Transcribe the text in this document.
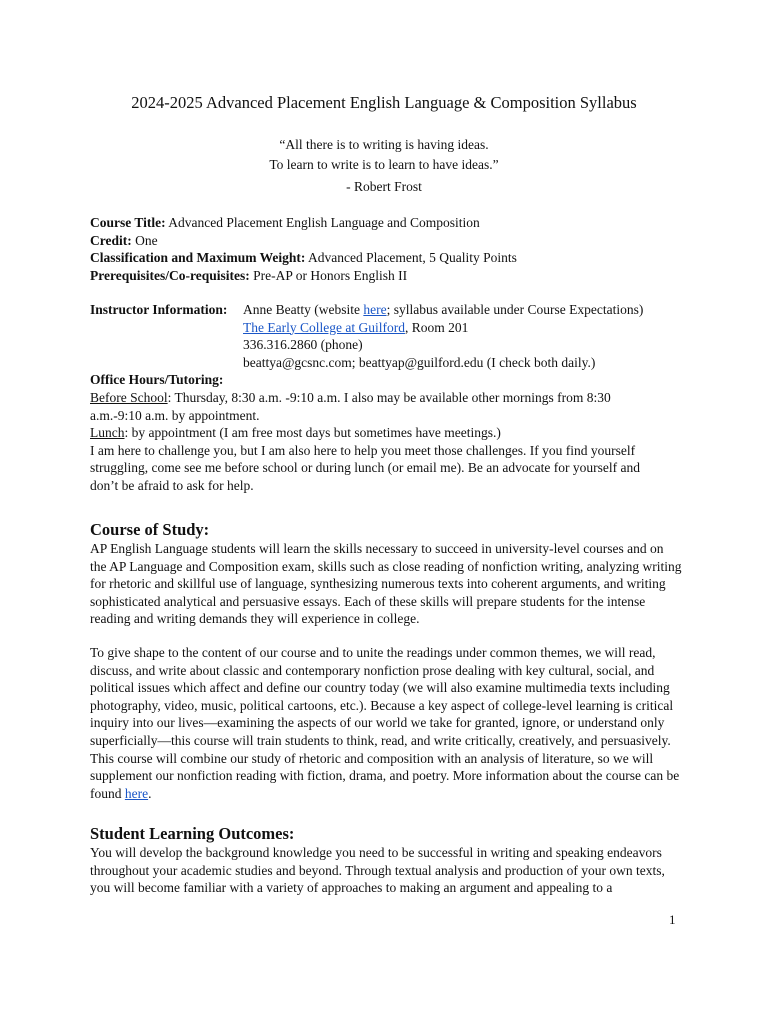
2024-2025 Advanced Placement English Language & Composition Syllabus
“All there is to writing is having ideas.
To learn to write is to learn to have ideas.”
- Robert Frost

Course Title: Advanced Placement English Language and Composition

Credit: One

Classification and Maximum Weight: Advanced Placement, 5 Quality Points

Prerequisites/Co-requisites: Pre-AP or Honors English II

Instructor Information:	Anne Beatty (website here; syllabus available under Course Expectations)

The Early College at Guilford, Room 201

336.316.2860 (phone)

beattya@gcsnc.com; beattyap@guilford.edu (I check both daily.)

Office Hours/Tutoring:

Before School: Thursday, 8:30 a.m. -9:10 a.m. I also may be available other mornings from 8:30 a.m.-9:10 a.m. by appointment.

Lunch: by appointment (I am free most days but sometimes have meetings.)

I am here to challenge you, but I am also here to help you meet those challenges. If you find yourself struggling, come see me before school or during lunch (or email me). Be an advocate for yourself and don’t be afraid to ask for help.

Course of Study:
AP English Language students will learn the skills necessary to succeed in university-level courses and on the AP Language and Composition exam, skills such as close reading of nonfiction writing, analyzing writing for rhetoric and skillful use of language, synthesizing numerous texts into coherent arguments, and writing sophisticated analytical and persuasive essays. Each of these skills will prepare students for the intense reading and writing demands they will experience in college.
To give shape to the content of our course and to unite the readings under common themes, we will read, discuss, and write about classic and contemporary nonfiction prose dealing with key cultural, social, and political issues which affect and define our country today (we will also examine multimedia texts including photography, video, music, political cartoons, etc.). Because a key aspect of college-level learning is critical inquiry into our lives—examining the aspects of our world we take for granted, ignore, or understand only superficially—this course will train students to think, read, and write critically, creatively, and persuasively. This course will combine our study of rhetoric and composition with an analysis of literature, so we will supplement our nonfiction reading with fiction, drama, and poetry. More information about the course can be found here.
Student Learning Outcomes:
You will develop the background knowledge you need to be successful in writing and speaking endeavors throughout your academic studies and beyond. Through textual analysis and production of your own texts, you will become familiar with a variety of approaches to making an argument and appealing to a
1
